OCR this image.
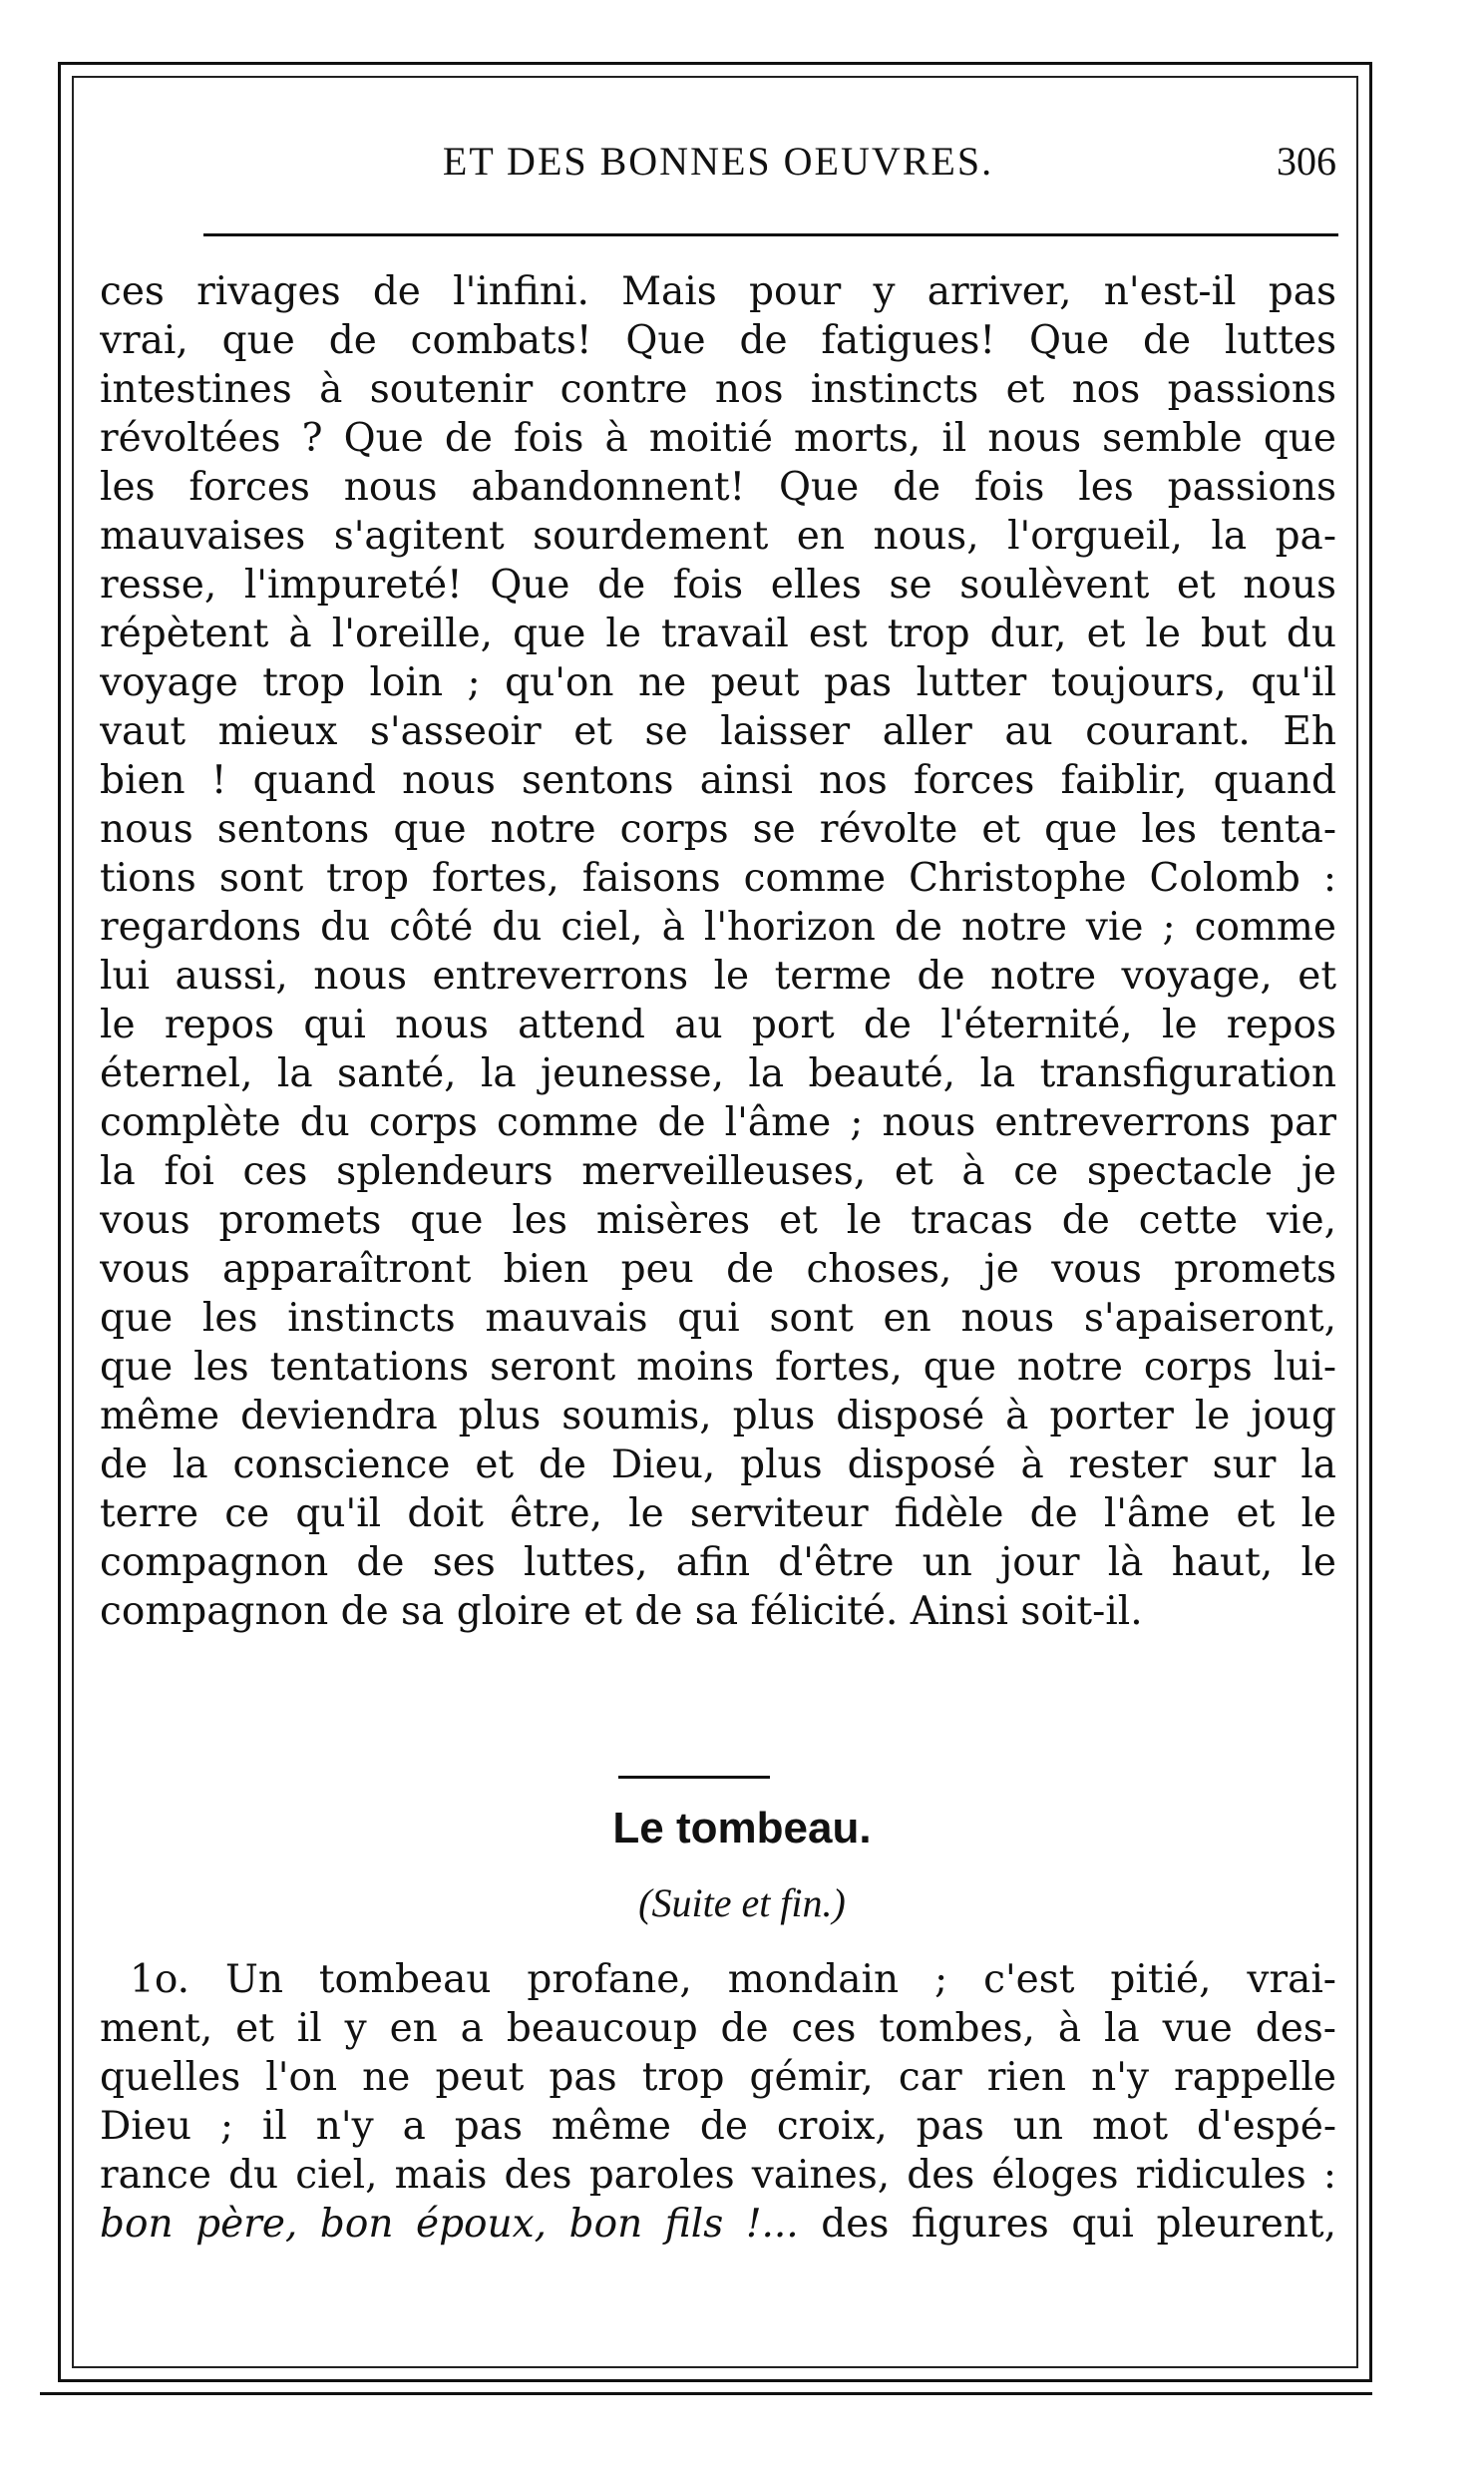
ET DES BONNES OEUVRES.	306
ces rivages de l'infini. Mais pour y arriver, n'est-il pas
vrai, que de combats! Que de fatigues! Que de luttes
intestines à soutenir contre nos instincts et nos passions
révoltées ? Que de fois à moitié morts, il nous semble que
les forces nous abandonnent! Que de fois les passions
mauvaises s'agitent sourdement en nous, l'orgueil, la pa-
resse, l'impureté! Que de fois elles se soulèvent et nous
répètent à l'oreille, que le travail est trop dur, et le but du
voyage trop loin ; qu'on ne peut pas lutter toujours, qu'il
vaut mieux s'asseoir et se laisser aller au courant. Eh
bien ! quand nous sentons ainsi nos forces faiblir, quand
nous sentons que notre corps se révolte et que les tenta-
tions sont trop fortes, faisons comme Christophe Colomb :
regardons du côté du ciel, à l'horizon de notre vie ; comme
lui aussi, nous entreverrons le terme de notre voyage, et
le repos qui nous attend au port de l'éternité, le repos
éternel, la santé, la jeunesse, la beauté, la transfiguration
complète du corps comme de l'âme ; nous entreverrons par
la foi ces splendeurs merveilleuses, et à ce spectacle je
vous promets que les misères et le tracas de cette vie,
vous apparaîtront bien peu de choses, je vous promets
que les instincts mauvais qui sont en nous s'apaiseront,
que les tentations seront moins fortes, que notre corps lui-
même deviendra plus soumis, plus disposé à porter le joug
de la conscience et de Dieu, plus disposé à rester sur la
terre ce qu'il doit être, le serviteur fidèle de l'âme et le
compagnon de ses luttes, afin d'être un jour là haut, le
compagnon de sa gloire et de sa félicité. Ainsi soit-il.
Le tombeau.
(Suite et fin.)
1o. Un tombeau profane, mondain ; c'est pitié, vrai-
ment, et il y en a beaucoup de ces tombes, à la vue des-
quelles l'on ne peut pas trop gémir, car rien n'y rappelle
Dieu ; il n'y a pas même de croix, pas un mot d'espé-
rance du ciel, mais des paroles vaines, des éloges ridicules :
bon père, bon époux, bon fils !... des figures qui pleurent,
